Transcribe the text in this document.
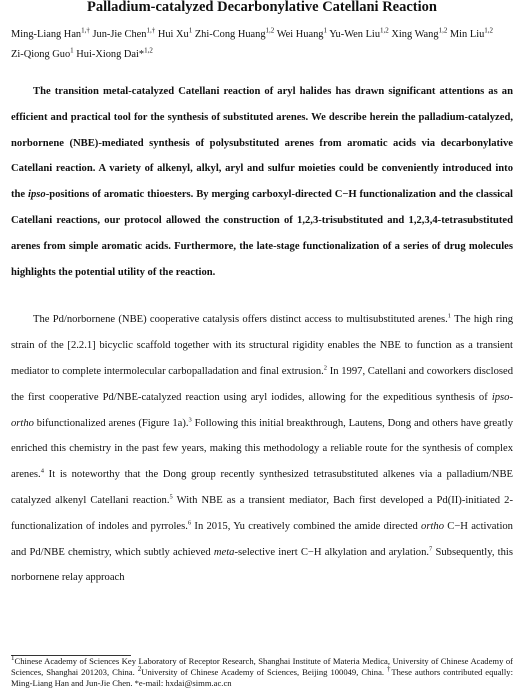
Palladium-catalyzed Decarbonylative Catellani Reaction
Ming-Liang Han$^{1,\dagger}$ Jun-Jie Chen$^{1,\dagger}$ Hui Xu$^1$ Zhi-Cong Huang$^{1,2}$ Wei Huang$^1$ Yu-Wen Liu$^{1,2}$ Xing Wang$^{1,2}$ Min Liu$^{1,2}$
Zi-Qiong Guo$^1$ Hui-Xiong Dai*$^{1,2}$

The transition metal-catalyzed Catellani reaction of aryl halides has drawn significant attentions as an efficient and practical tool for the synthesis of substituted arenes. We describe herein the palladium-catalyzed, norbornene (NBE)-mediated synthesis of polysubstituted arenes from aromatic acids via decarbonylative Catellani reaction. A variety of alkenyl, alkyl, aryl and sulfur moieties could be conveniently introduced into the ipso-positions of aromatic thioesters. By merging carboxyl-directed C−H functionalization and the classical Catellani reactions, our protocol allowed the construction of 1,2,3-trisubstituted and 1,2,3,4-tetrasubstituted arenes from simple aromatic acids. Furthermore, the late-stage functionalization of a series of drug molecules highlights the potential utility of the reaction.

The Pd/norbornene (NBE) cooperative catalysis offers distinct access to multisubstituted arenes.$^1$ The high ring strain of the [2.2.1] bicyclic scaffold together with its structural rigidity enables the NBE to function as a transient mediator to complete intermolecular carbopalladation and final extrusion.$^2$ In 1997, Catellani and coworkers disclosed the first cooperative Pd/NBE-catalyzed reaction using aryl iodides, allowing for the expeditious synthesis of ipso-ortho bifunctionalized arenes (Figure 1a).$^3$ Following this initial breakthrough, Lautens, Dong and others have greatly enriched this chemistry in the past few years, making this methodology a reliable route for the synthesis of complex arenes.$^4$ It is noteworthy that the Dong group recently synthesized tetrasubstituted alkenes via a palladium/NBE catalyzed alkenyl Catellani reaction.$^5$ With NBE as a transient mediator, Bach first developed a Pd(II)-initiated 2-functionalization of indoles and pyrroles.$^6$ In 2015, Yu creatively combined the amide directed ortho C−H activation and Pd/NBE chemistry, which subtly achieved meta-selective inert C−H alkylation and arylation.$^7$ Subsequently, this norbornene relay approach

$^1$Chinese Academy of Sciences Key Laboratory of Receptor Research, Shanghai Institute of Materia Medica, University of Chinese Academy of Sciences, Shanghai 201203, China. $^2$University of Chinese Academy of Sciences, Beijing 100049, China. †These authors contributed equally: Ming-Liang Han and Jun-Jie Chen. *e-mail: hxdai@simm.ac.cn
